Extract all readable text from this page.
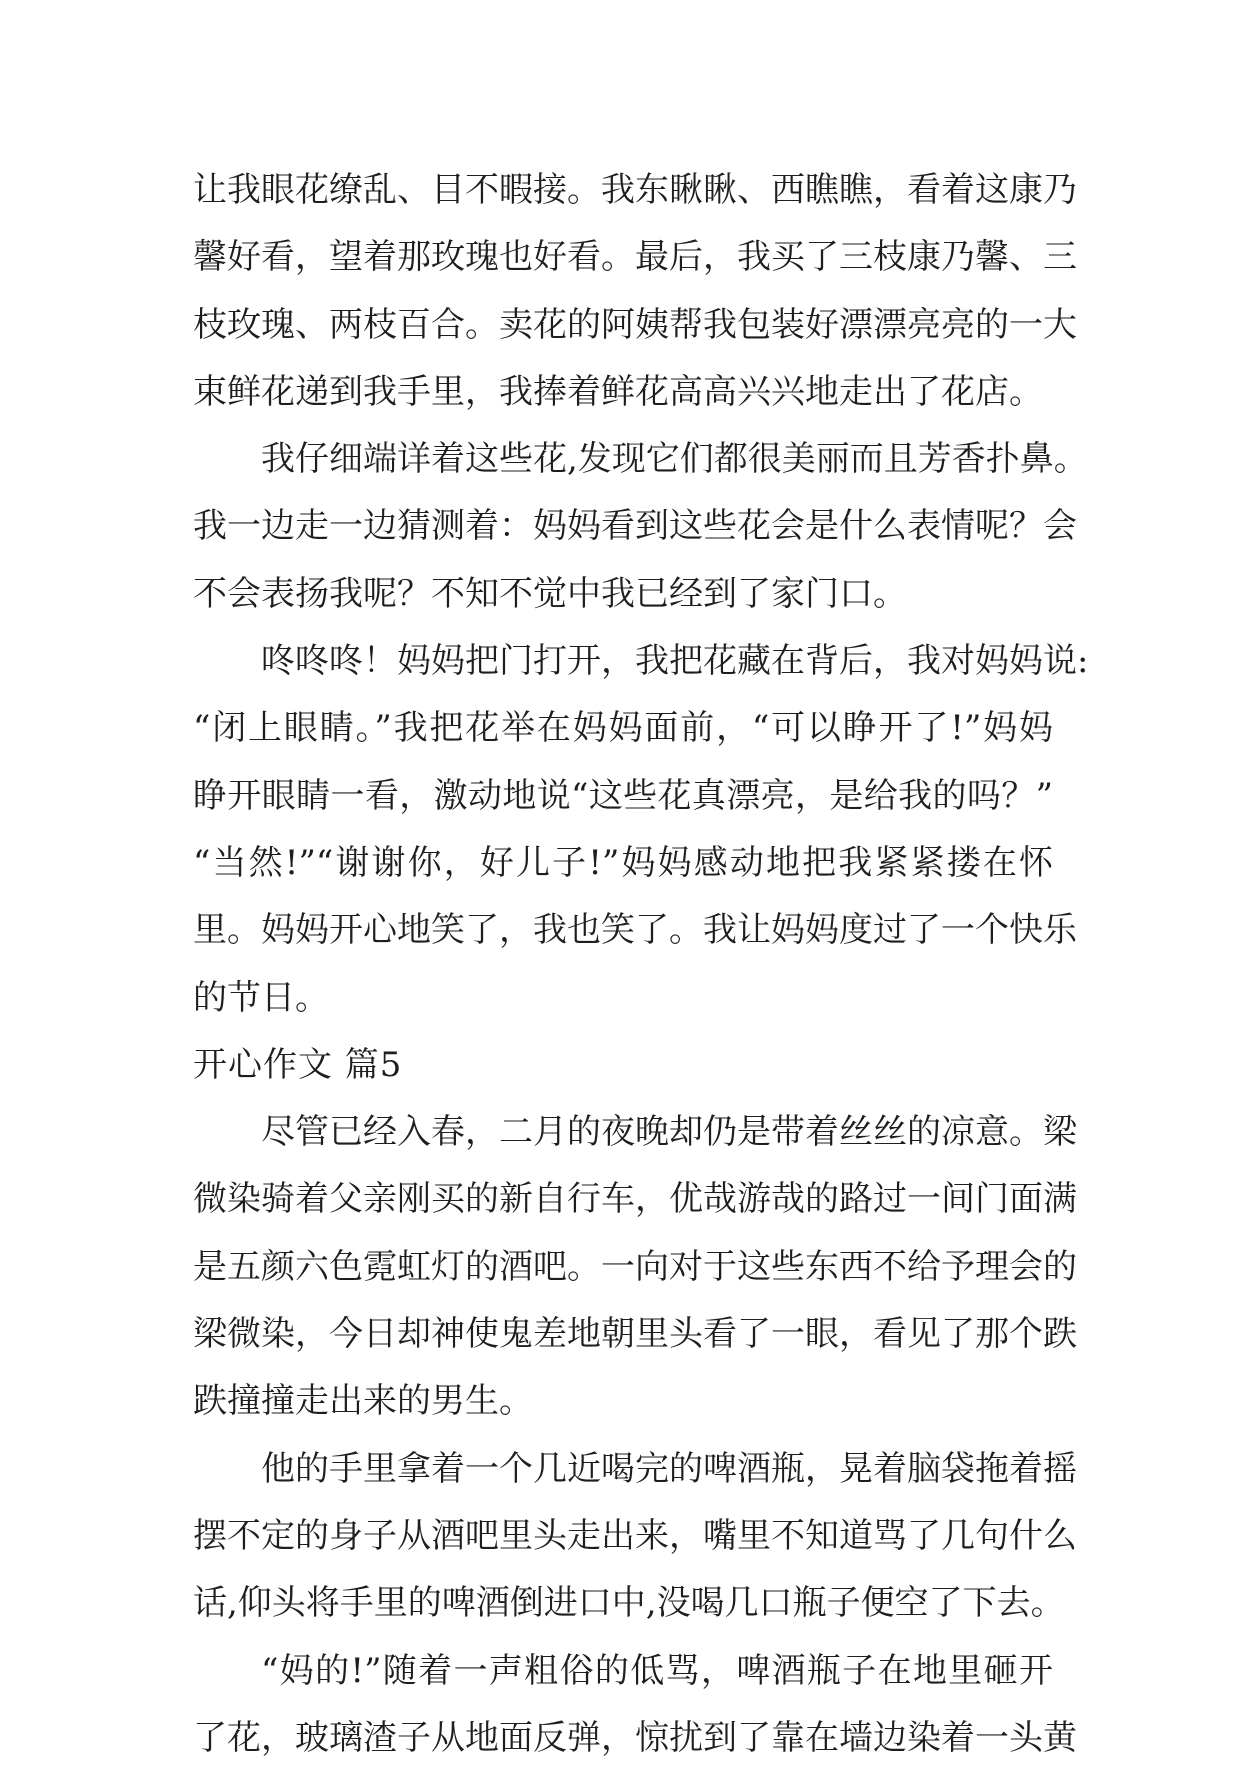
让我眼花缭乱、目不暇接。我东瞅瞅、西瞧瞧，看着这康乃
馨好看，望着那玫瑰也好看。最后，我买了三枝康乃馨、三
枝玫瑰、两枝百合。卖花的阿姨帮我包装好漂漂亮亮的一大
束鲜花递到我手里，我捧着鲜花高高兴兴地走出了花店。
我仔细端详着这些花,发现它们都很美丽而且芳香扑鼻。
我一边走一边猜测着：妈妈看到这些花会是什么表情呢？会
不会表扬我呢？不知不觉中我已经到了家门口。
咚咚咚！妈妈把门打开，我把花藏在背后，我对妈妈说:
“闭上眼睛。”我把花举在妈妈面前，“可以睁开了!”妈妈
睁开眼睛一看，激动地说“这些花真漂亮，是给我的吗？”
“当然!”“谢谢你，好儿子!”妈妈感动地把我紧紧搂在怀
里。妈妈开心地笑了，我也笑了。我让妈妈度过了一个快乐
的节日。
开心作文 篇5
尽管已经入春，二月的夜晚却仍是带着丝丝的凉意。梁
微染骑着父亲刚买的新自行车，优哉游哉的路过一间门面满
是五颜六色霓虹灯的酒吧。一向对于这些东西不给予理会的
梁微染，今日却神使鬼差地朝里头看了一眼，看见了那个跌
跌撞撞走出来的男生。
他的手里拿着一个几近喝完的啤酒瓶，晃着脑袋拖着摇
摆不定的身子从酒吧里头走出来，嘴里不知道骂了几句什么
话,仰头将手里的啤酒倒进口中,没喝几口瓶子便空了下去。
“妈的!”随着一声粗俗的低骂，啤酒瓶子在地里砸开
了花，玻璃渣子从地面反弹，惊扰到了靠在墙边染着一头黄
